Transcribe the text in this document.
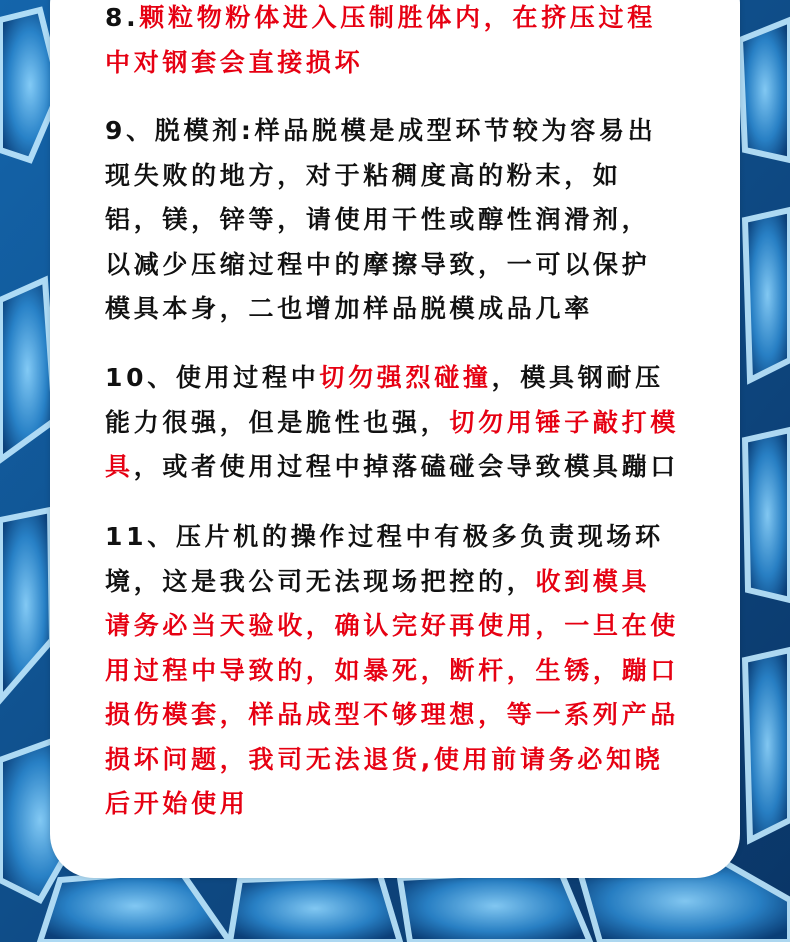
8.颗粒物粉体进入压制胜体内，在挤压过程
中对钢套会直接损坏
9、脱模剂:样品脱模是成型环节较为容易出
现失败的地方，对于粘稠度高的粉末，如
铝，镁，锌等，请使用干性或醇性润滑剂，
以减少压缩过程中的摩擦导致，一可以保护
模具本身，二也增加样品脱模成品几率
10、使用过程中切勿强烈碰撞，模具钢耐压
能力很强，但是脆性也强，切勿用锤子敲打模
具，或者使用过程中掉落磕碰会导致模具蹦口
11、压片机的操作过程中有极多负责现场环
境，这是我公司无法现场把控的，收到模具
请务必当天验收，确认完好再使用，一旦在使
用过程中导致的，如暴死，断杆，生锈，蹦口
损伤模套，样品成型不够理想，等一系列产品
损坏问题，我司无法退货,使用前请务必知晓
后开始使用
